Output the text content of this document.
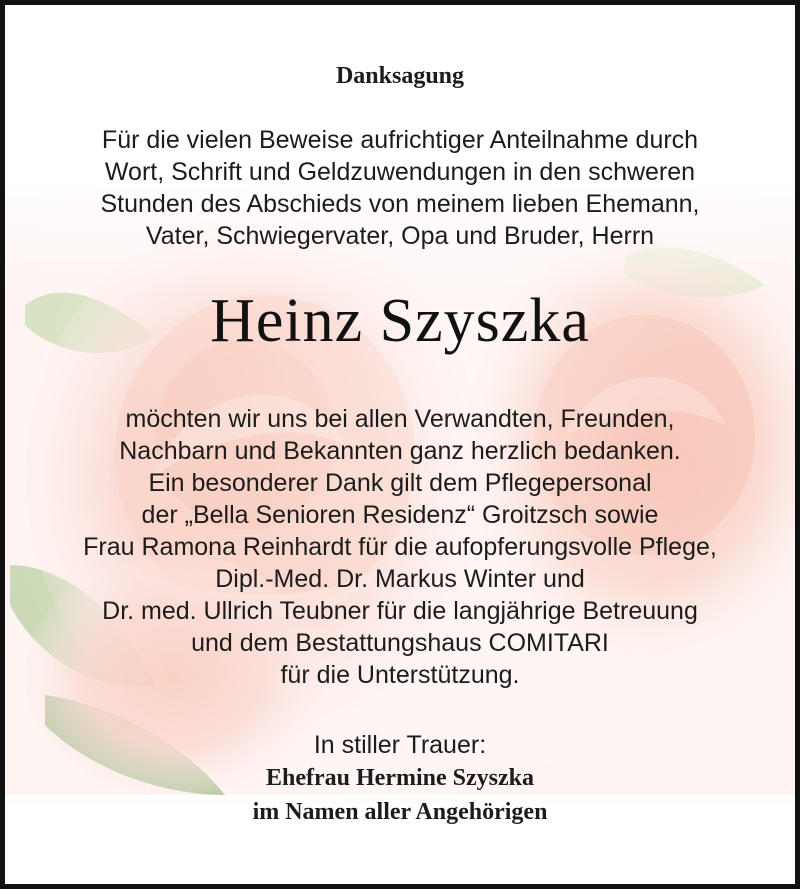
Danksagung
Für die vielen Beweise aufrichtiger Anteilnahme durch
Wort, Schrift und Geldzuwendungen in den schweren
Stunden des Abschieds von meinem lieben Ehemann,
Vater, Schwiegervater, Opa und Bruder, Herrn
Heinz Szyszka
möchten wir uns bei allen Verwandten, Freunden,
Nachbarn und Bekannten ganz herzlich bedanken.
Ein besonderer Dank gilt dem Pflegepersonal
der „Bella Senioren Residenz“ Groitzsch sowie
Frau Ramona Reinhardt für die aufopferungsvolle Pflege,
Dipl.-Med. Dr. Markus Winter und
Dr. med. Ullrich Teubner für die langjährige Betreuung
und dem Bestattungshaus COMITARI
für die Unterstützung.
In stiller Trauer:
Ehefrau Hermine Szyszka
im Namen aller Angehörigen
